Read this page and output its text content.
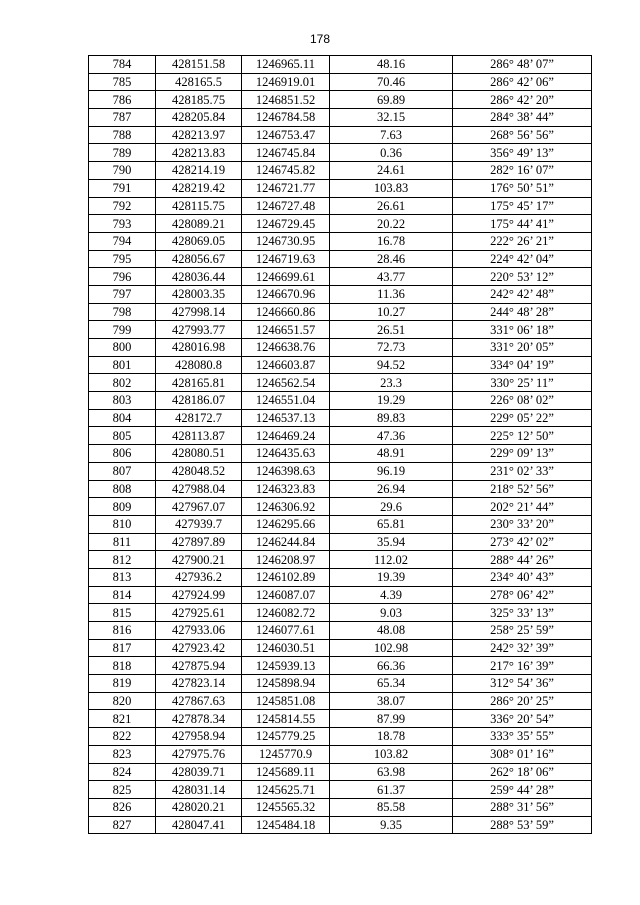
178
784	428151.58	1246965.11	48.16	286° 48’ 07”
785	428165.5	1246919.01	70.46	286° 42’ 06”
786	428185.75	1246851.52	69.89	286° 42’ 20”
787	428205.84	1246784.58	32.15	284° 38’ 44”
788	428213.97	1246753.47	7.63	268° 56’ 56”
789	428213.83	1246745.84	0.36	356° 49’ 13”
790	428214.19	1246745.82	24.61	282° 16’ 07”
791	428219.42	1246721.77	103.83	176° 50’ 51”
792	428115.75	1246727.48	26.61	175° 45’ 17”
793	428089.21	1246729.45	20.22	175° 44’ 41”
794	428069.05	1246730.95	16.78	222° 26’ 21”
795	428056.67	1246719.63	28.46	224° 42’ 04”
796	428036.44	1246699.61	43.77	220° 53’ 12”
797	428003.35	1246670.96	11.36	242° 42’ 48”
798	427998.14	1246660.86	10.27	244° 48’ 28”
799	427993.77	1246651.57	26.51	331° 06’ 18”
800	428016.98	1246638.76	72.73	331° 20’ 05”
801	428080.8	1246603.87	94.52	334° 04’ 19”
802	428165.81	1246562.54	23.3	330° 25’ 11”
803	428186.07	1246551.04	19.29	226° 08’ 02”
804	428172.7	1246537.13	89.83	229° 05’ 22”
805	428113.87	1246469.24	47.36	225° 12’ 50”
806	428080.51	1246435.63	48.91	229° 09’ 13”
807	428048.52	1246398.63	96.19	231° 02’ 33”
808	427988.04	1246323.83	26.94	218° 52’ 56”
809	427967.07	1246306.92	29.6	202° 21’ 44”
810	427939.7	1246295.66	65.81	230° 33’ 20”
811	427897.89	1246244.84	35.94	273° 42’ 02”
812	427900.21	1246208.97	112.02	288° 44’ 26”
813	427936.2	1246102.89	19.39	234° 40’ 43”
814	427924.99	1246087.07	4.39	278° 06’ 42”
815	427925.61	1246082.72	9.03	325° 33’ 13”
816	427933.06	1246077.61	48.08	258° 25’ 59”
817	427923.42	1246030.51	102.98	242° 32’ 39”
818	427875.94	1245939.13	66.36	217° 16’ 39”
819	427823.14	1245898.94	65.34	312° 54’ 36”
820	427867.63	1245851.08	38.07	286° 20’ 25”
821	427878.34	1245814.55	87.99	336° 20’ 54”
822	427958.94	1245779.25	18.78	333° 35’ 55”
823	427975.76	1245770.9	103.82	308° 01’ 16”
824	428039.71	1245689.11	63.98	262° 18’ 06”
825	428031.14	1245625.71	61.37	259° 44’ 28”
826	428020.21	1245565.32	85.58	288° 31’ 56”
827	428047.41	1245484.18	9.35	288° 53’ 59”
